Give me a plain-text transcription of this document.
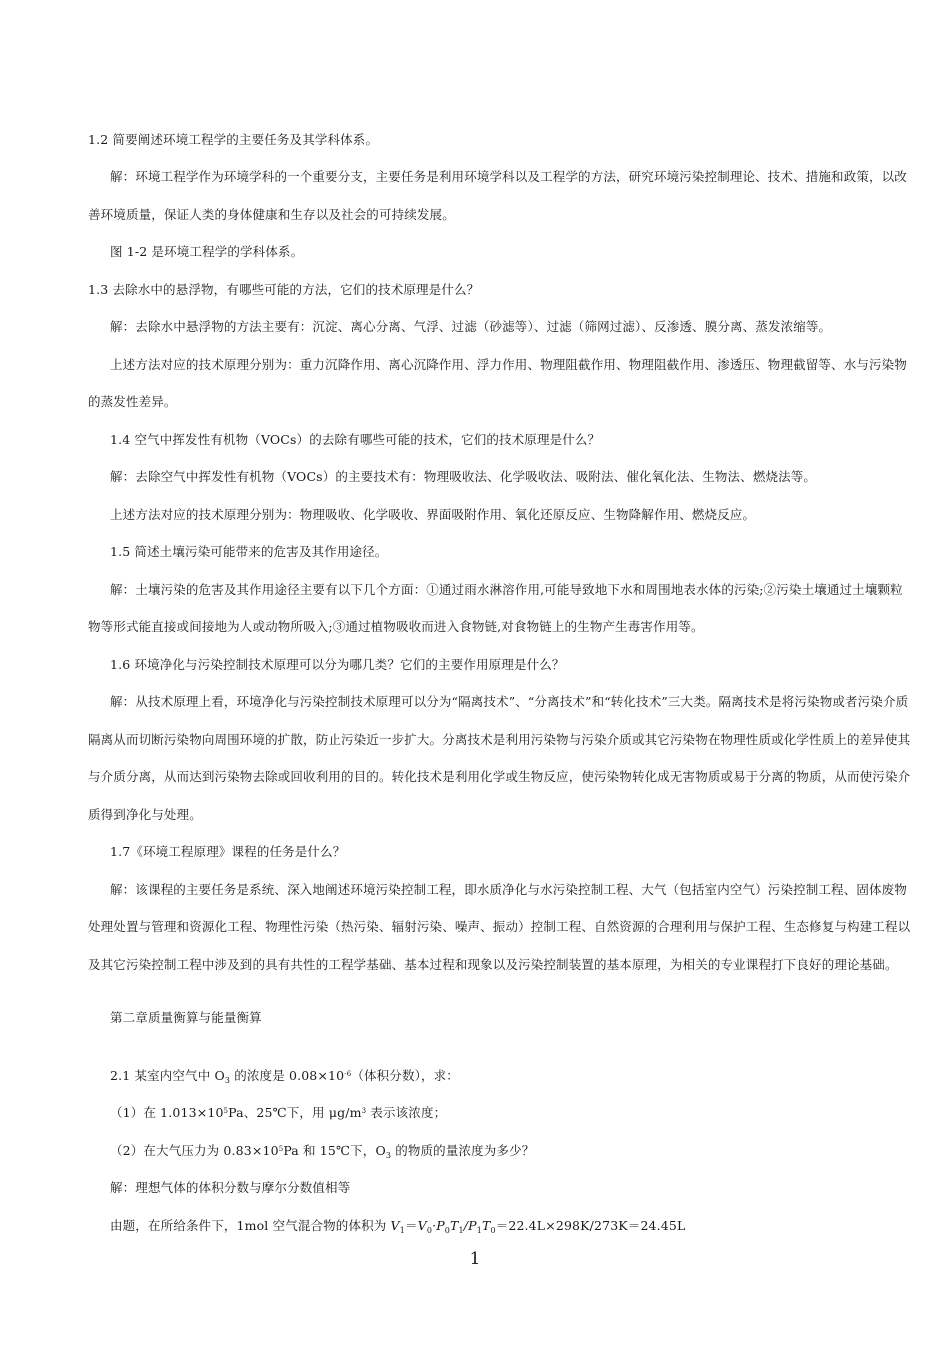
1.2 简要阐述环境工程学的主要任务及其学科体系。
解：环境工程学作为环境学科的一个重要分支，主要任务是利用环境学科以及工程学的方法，研究环境污染控制理论、技术、措施和政策，以改
善环境质量，保证人类的身体健康和生存以及社会的可持续发展。
图 1-2 是环境工程学的学科体系。
1.3 去除水中的悬浮物，有哪些可能的方法，它们的技术原理是什么？
解：去除水中悬浮物的方法主要有：沉淀、离心分离、气浮、过滤（砂滤等）、过滤（筛网过滤）、反渗透、膜分离、蒸发浓缩等。
上述方法对应的技术原理分别为：重力沉降作用、离心沉降作用、浮力作用、物理阻截作用、物理阻截作用、渗透压、物理截留等、水与污染物
的蒸发性差异。
1.4 空气中挥发性有机物（VOCs）的去除有哪些可能的技术，它们的技术原理是什么？
解：去除空气中挥发性有机物（VOCs）的主要技术有：物理吸收法、化学吸收法、吸附法、催化氧化法、生物法、燃烧法等。
上述方法对应的技术原理分别为：物理吸收、化学吸收、界面吸附作用、氧化还原反应、生物降解作用、燃烧反应。
1.5 简述土壤污染可能带来的危害及其作用途径。
解：土壤污染的危害及其作用途径主要有以下几个方面：①通过雨水淋溶作用,可能导致地下水和周围地表水体的污染;②污染土壤通过土壤颗粒
物等形式能直接或间接地为人或动物所吸入;③通过植物吸收而进入食物链,对食物链上的生物产生毒害作用等。
1.6 环境净化与污染控制技术原理可以分为哪几类？它们的主要作用原理是什么？
解：从技术原理上看，环境净化与污染控制技术原理可以分为“隔离技术”、“分离技术”和“转化技术”三大类。隔离技术是将污染物或者污染介质
隔离从而切断污染物向周围环境的扩散，防止污染近一步扩大。分离技术是利用污染物与污染介质或其它污染物在物理性质或化学性质上的差异使其
与介质分离，从而达到污染物去除或回收利用的目的。转化技术是利用化学或生物反应，使污染物转化成无害物质或易于分离的物质，从而使污染介
质得到净化与处理。
1.7《环境工程原理》课程的任务是什么？
解：该课程的主要任务是系统、深入地阐述环境污染控制工程，即水质净化与水污染控制工程、大气（包括室内空气）污染控制工程、固体废物
处理处置与管理和资源化工程、物理性污染（热污染、辐射污染、噪声、振动）控制工程、自然资源的合理利用与保护工程、生态修复与构建工程以
及其它污染控制工程中涉及到的具有共性的工程学基础、基本过程和现象以及污染控制装置的基本原理，为相关的专业课程打下良好的理论基础。
第二章质量衡算与能量衡算
2.1 某室内空气中 $O_3$ 的浓度是 $0.08\times 10^{-6}$（体积分数），求：
（1）在 $1.013\times 10^5Pa$、25℃下，用 $\mu g/m^3$ 表示该浓度；
（2）在大气压力为 $0.83\times 10^5Pa$ 和 15℃下，$O_3$ 的物质的量浓度为多少？
解：理想气体的体积分数与摩尔分数值相等
由题，在所给条件下，1mol 空气混合物的体积为 $V_1=V_0\cdot P_0T_1/P_1T_0=22.4L\times 298K/273K=24.45L$
1
